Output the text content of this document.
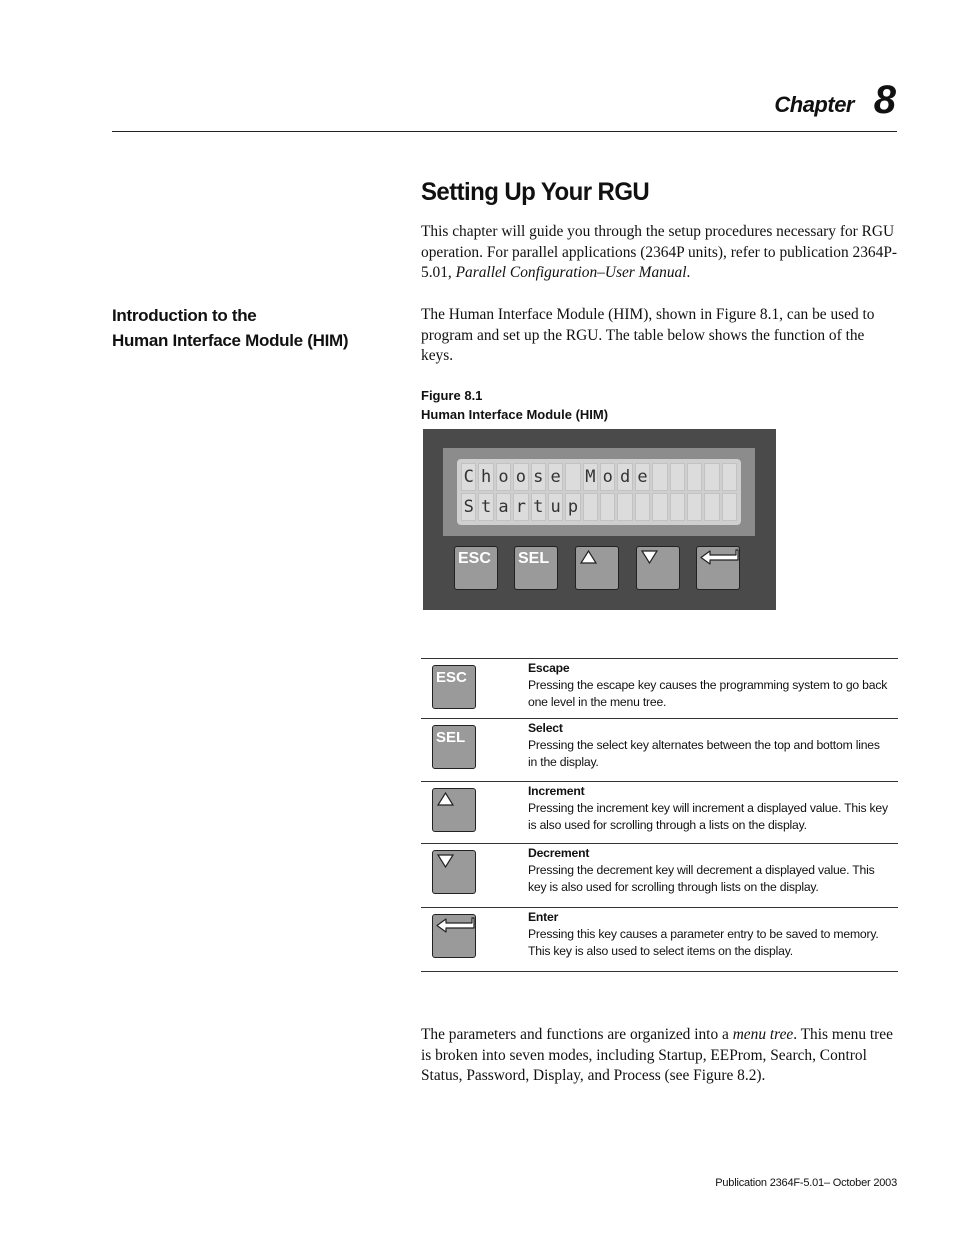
Chapter 8
Setting Up Your RGU
This chapter will guide you through the setup procedures necessary for RGU operation. For parallel applications (2364P units), refer to publication 2364P-5.01, Parallel Configuration–User Manual.
Introduction to the
Human Interface Module (HIM)
The Human Interface Module (HIM), shown in Figure 8.1, can be used to program and set up the RGU. The table below shows the function of the keys.
Figure 8.1
Human Interface Module (HIM)
C h o o s e M o d e
S t a r t u p
ESC SEL
ESC
Escape
Pressing the escape key causes the programming system to go back one level in the menu tree.
SEL
Select
Pressing the select key alternates between the top and bottom lines in the display.
Increment
Pressing the increment key will increment a displayed value. This key is also used for scrolling through a lists on the display.
Decrement
Pressing the decrement key will decrement a displayed value. This key is also used for scrolling through lists on the display.
Enter
Pressing this key causes a parameter entry to be saved to memory. This key is also used to select items on the display.
The parameters and functions are organized into a menu tree. This menu tree is broken into seven modes, including Startup, EEProm, Search, Control Status, Password, Display, and Process (see Figure 8.2).
Publication 2364F-5.01– October 2003
